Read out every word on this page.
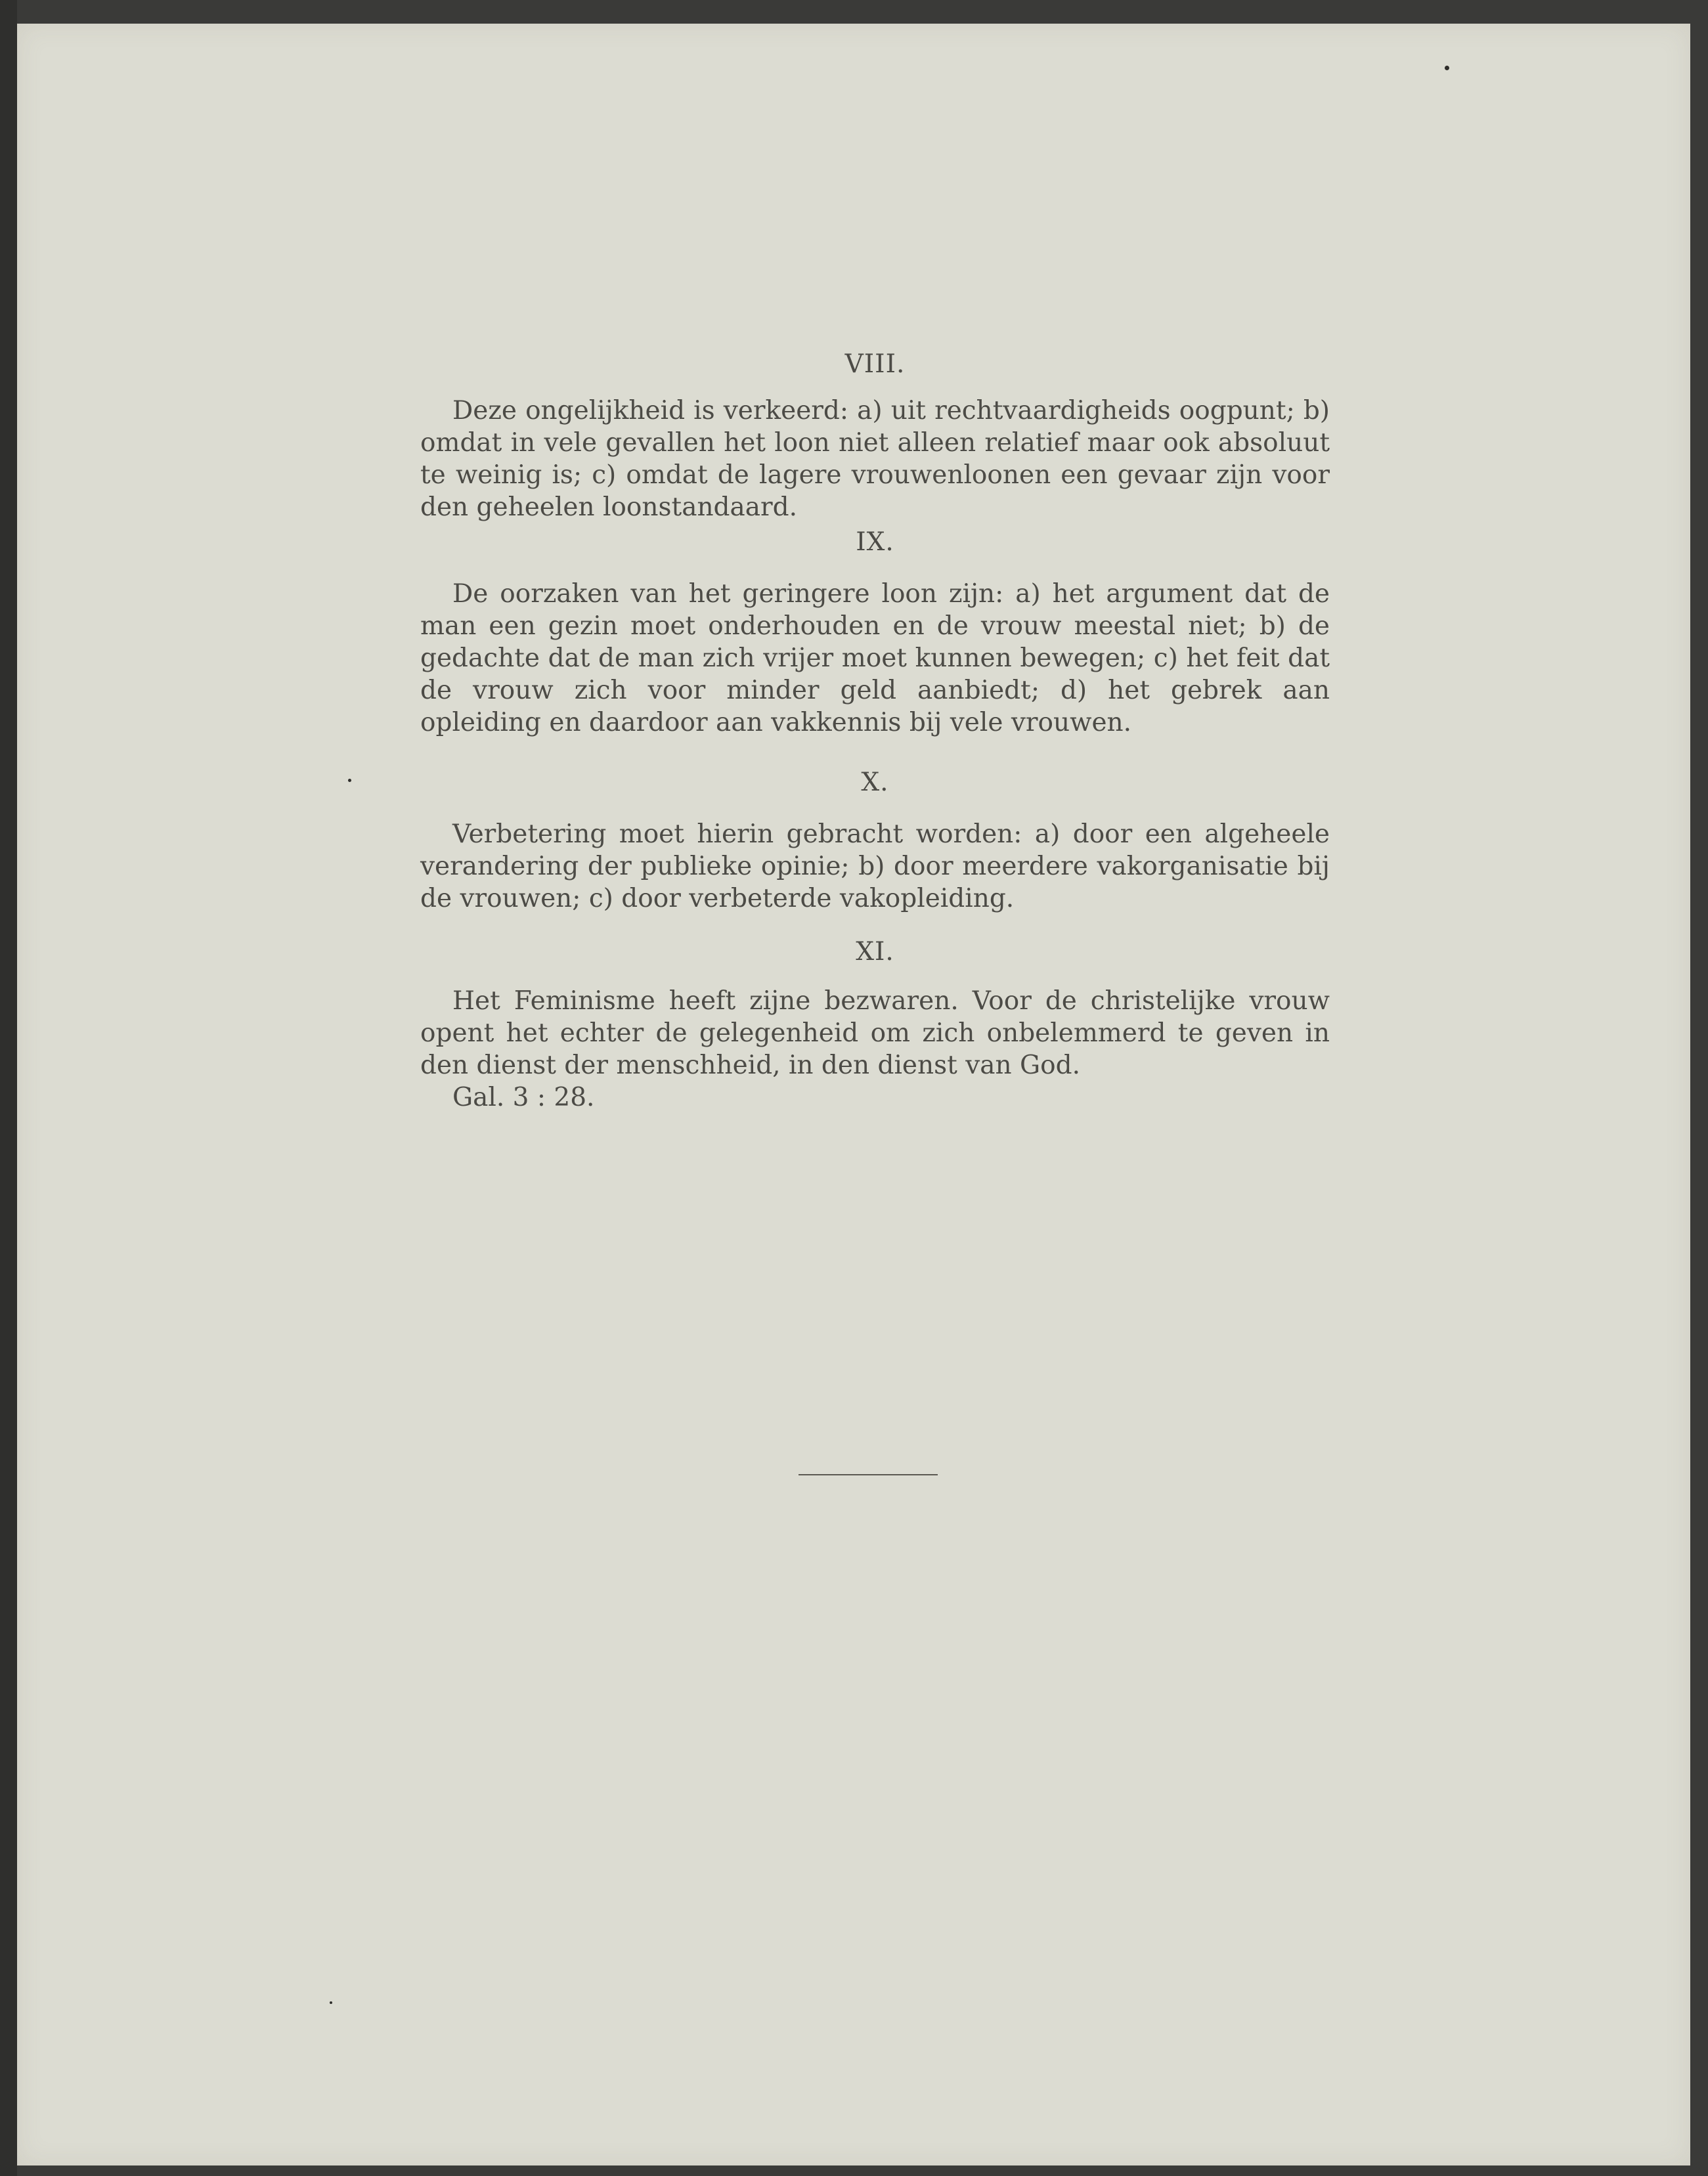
VIII.

Deze ongelijkheid is verkeerd: a) uit rechtvaardigheids oogpunt; b) omdat in vele gevallen het loon niet alleen relatief maar ook absoluut te weinig is; c) omdat de lagere vrouwenloonen een gevaar zijn voor den geheelen loonstandaard.

IX.

De oorzaken van het geringere loon zijn: a) het argument dat de man een gezin moet onderhouden en de vrouw meestal niet; b) de gedachte dat de man zich vrijer moet kunnen bewegen; c) het feit dat de vrouw zich voor minder geld aanbiedt; d) het gebrek aan opleiding en daardoor aan vakkennis bij vele vrouwen.

X.

Verbetering moet hierin gebracht worden: a) door een algeheele verandering der publieke opinie; b) door meerdere vakorganisatie bij de vrouwen; c) door verbeterde vakopleiding.

XI.

Het Feminisme heeft zijne bezwaren. Voor de christelijke vrouw opent het echter de gelegenheid om zich onbelemmerd te geven in den dienst der menschheid, in den dienst van God.

Gal. 3 : 28.
